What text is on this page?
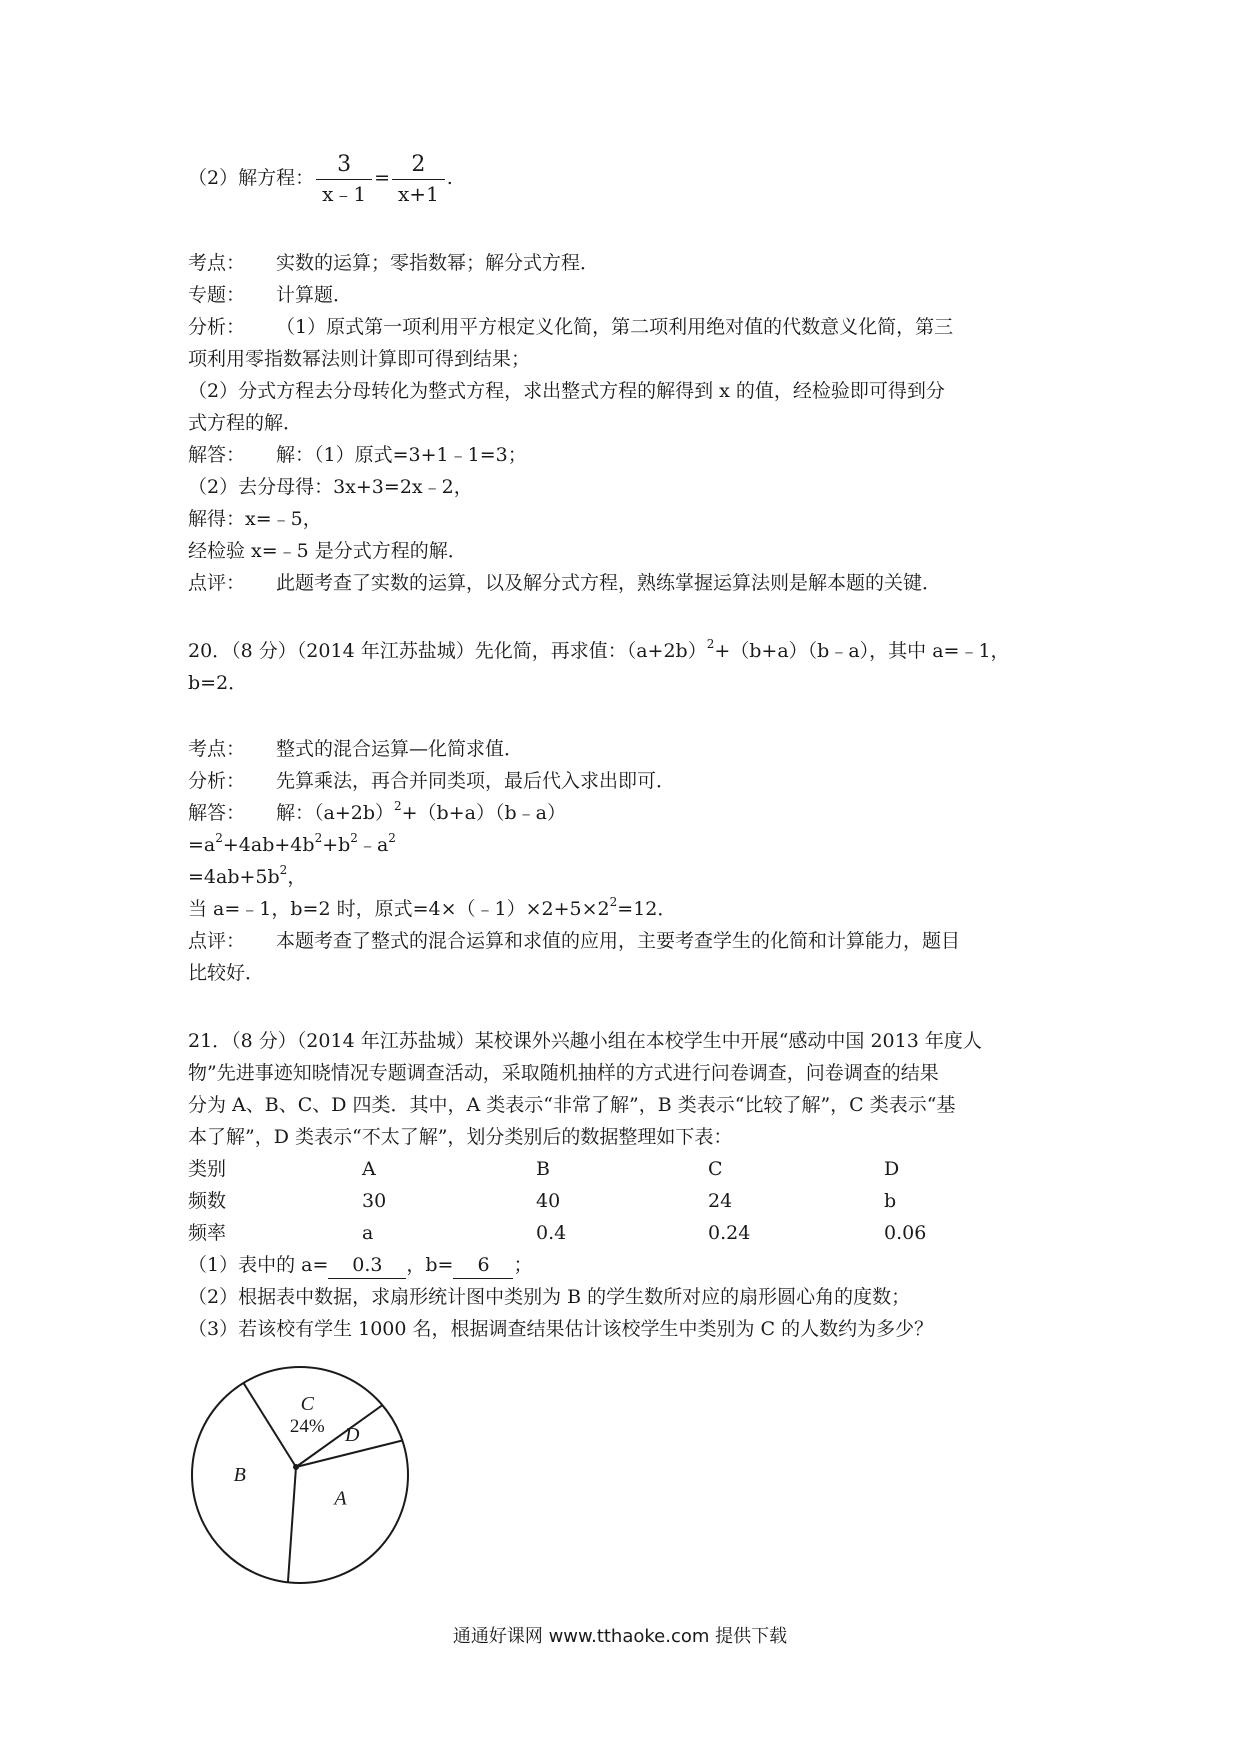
（2）解方程： $\frac{3}{x﹣1} = \frac{2}{x+1}$ .
考点： 实数的运算；零指数幂；解分式方程．
专题： 计算题．
分析： （1）原式第一项利用平方根定义化简，第二项利用绝对值的代数意义化简，第三
项利用零指数幂法则计算即可得到结果；
（2）分式方程去分母转化为整式方程，求出整式方程的解得到 x 的值，经检验即可得到分
式方程的解．
解答： 解：（1）原式=3+1﹣1=3；
（2）去分母得：3x+3=2x﹣2，
解得：x=﹣5，
经检验 x=﹣5 是分式方程的解．
点评： 此题考查了实数的运算，以及解分式方程，熟练掌握运算法则是解本题的关键．
20．（8 分）（2014 年江苏盐城）先化简，再求值：$(a+2b)^2+(b+a)(b﹣a)$，其中 a=﹣1，
b=2．
考点： 整式的混合运算—化简求值．
分析： 先算乘法，再合并同类项，最后代入求出即可．
解答： 解：$(a+2b)^2+(b+a)(b﹣a)$
$=a^2+4ab+4b^2+b^2﹣a^2$
$=4ab+5b^2$，
当 a=﹣1，b=2 时，原式$=4\times(﹣1)\times 2+5\times 2^2=12$．
点评： 本题考查了整式的混合运算和求值的应用，主要考查学生的化简和计算能力，题目
比较好．
21．（8 分）（2014 年江苏盐城）某校课外兴趣小组在本校学生中开展“感动中国 2013 年度人
物”先进事迹知晓情况专题调查活动，采取随机抽样的方式进行问卷调查，问卷调查的结果
分为 A、B、C、D 四类．其中，A 类表示“非常了解”，B 类表示“比较了解”，C 类表示“基
本了解”，D 类表示“不太了解”，划分类别后的数据整理如下表：
类别	A	B	C	D
频数	30	40	24	b
频率	a	0.4	0.24	0.06
（1）表中的 a= 0.3 ，b= 6 ；
（2）根据表中数据，求扇形统计图中类别为 B 的学生数所对应的扇形圆心角的度数；
（3）若该校有学生 1000 名，根据调查结果估计该校学生中类别为 C 的人数约为多少？
A
B
C
24% D
通通好课网 www.tthaoke.com 提供下载
